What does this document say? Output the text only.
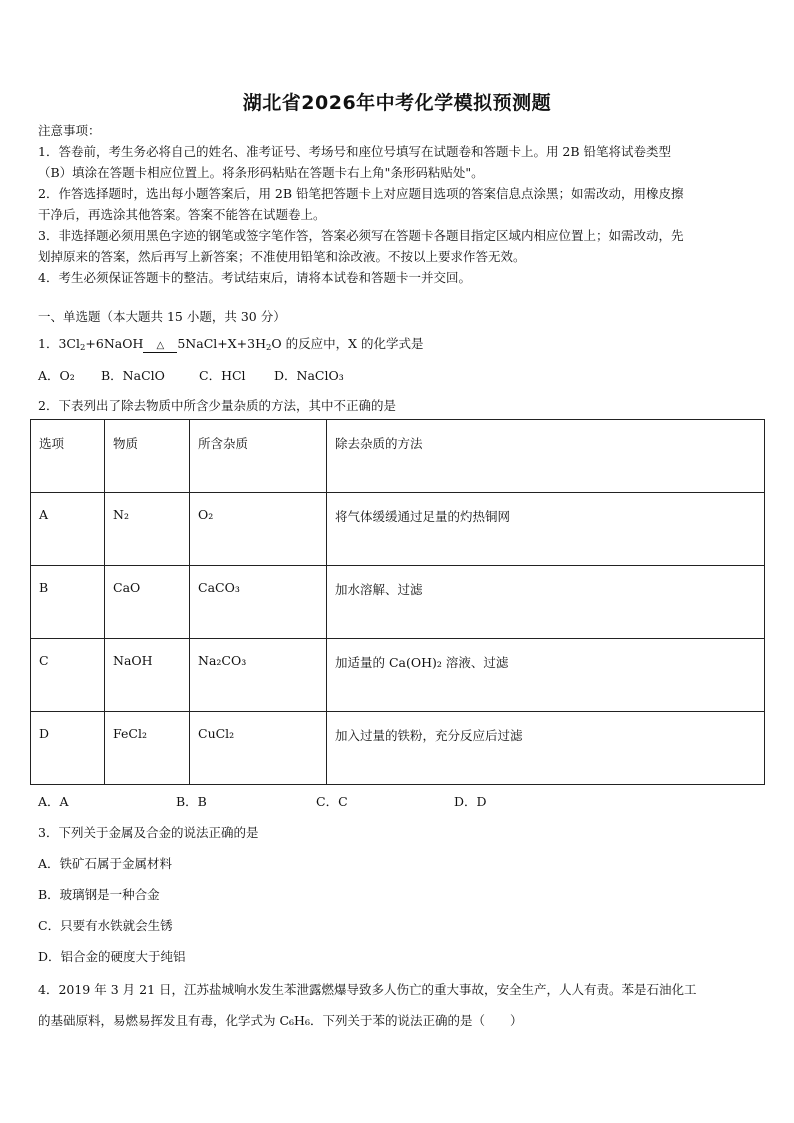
湖北省2026年中考化学模拟预测题
注意事项：
1．答卷前，考生务必将自己的姓名、准考证号、考场号和座位号填写在试题卷和答题卡上。用 2B 铅笔将试卷类型
（B）填涂在答题卡相应位置上。将条形码粘贴在答题卡右上角"条形码粘贴处"。
2．作答选择题时，选出每小题答案后，用 2B 铅笔把答题卡上对应题目选项的答案信息点涂黑；如需改动，用橡皮擦
干净后，再选涂其他答案。答案不能答在试题卷上。
3．非选择题必须用黑色字迹的钢笔或签字笔作答，答案必须写在答题卡各题目指定区域内相应位置上；如需改动，先
划掉原来的答案，然后再写上新答案；不准使用铅笔和涂改液。不按以上要求作答无效。
4．考生必须保证答题卡的整洁。考试结束后，请将本试卷和答题卡一并交回。
一、单选题（本大题共 15 小题，共 30 分）
1．$3Cl_2+6NaOH$	△	$5NaCl+X+3H_2O$ 的反应中，X 的化学式是
A．O₂ B．NaClO	C．HCl D．NaClO₃
2．下表列出了除去物质中所含少量杂质的方法，其中不正确的是
选项	物质	所含杂质	除去杂质的方法
A	N₂	O₂	将气体缓缓通过足量的灼热铜网
B	CaO	CaCO₃	加水溶解、过滤
C	NaOH	Na₂CO₃	加适量的 Ca(OH)₂ 溶液、过滤
D	FeCl₂	CuCl₂	加入过量的铁粉，充分反应后过滤
A．A	B．B	C．C	D．D
3．下列关于金属及合金的说法正确的是
A．铁矿石属于金属材料
B．玻璃钢是一种合金
C．只要有水铁就会生锈
D．铝合金的硬度大于纯铝
4．2019 年 3 月 21 日，江苏盐城响水发生苯泄露燃爆导致多人伤亡的重大事故，安全生产，人人有责。苯是石油化工
的基础原料，易燃易挥发且有毒，化学式为 C₆H₆．下列关于苯的说法正确的是（　　）
